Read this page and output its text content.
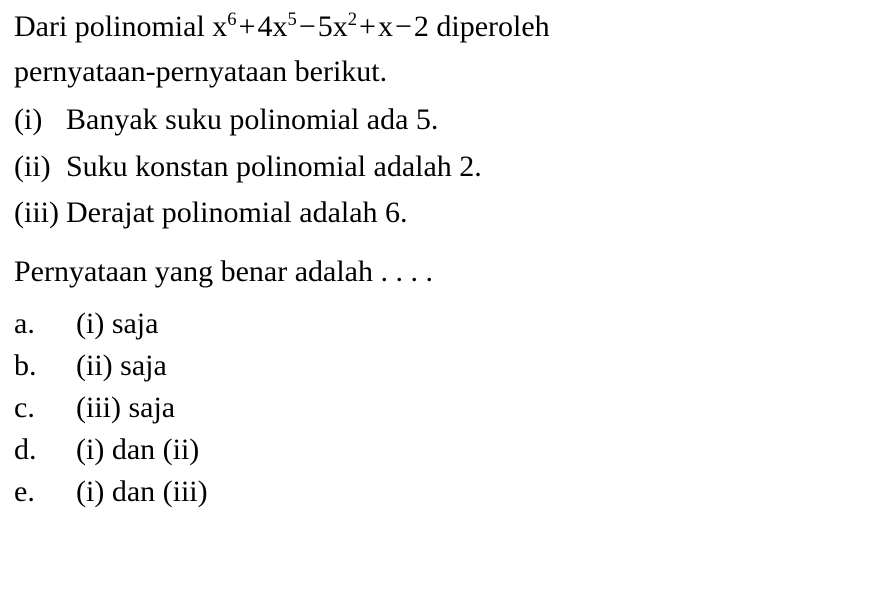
Dari polinomial $x^6+4x^5-5x^2+x-2$ diperoleh
pernyataan-pernyataan berikut.
(i) Banyak suku polinomial ada 5.
(ii) Suku konstan polinomial adalah 2.
(iii) Derajat polinomial adalah 6.
Pernyataan yang benar adalah . . . .
a.	(i) saja
b.	(ii) saja
c.	(iii) saja
d.	(i) dan (ii)
e.	(i) dan (iii)
